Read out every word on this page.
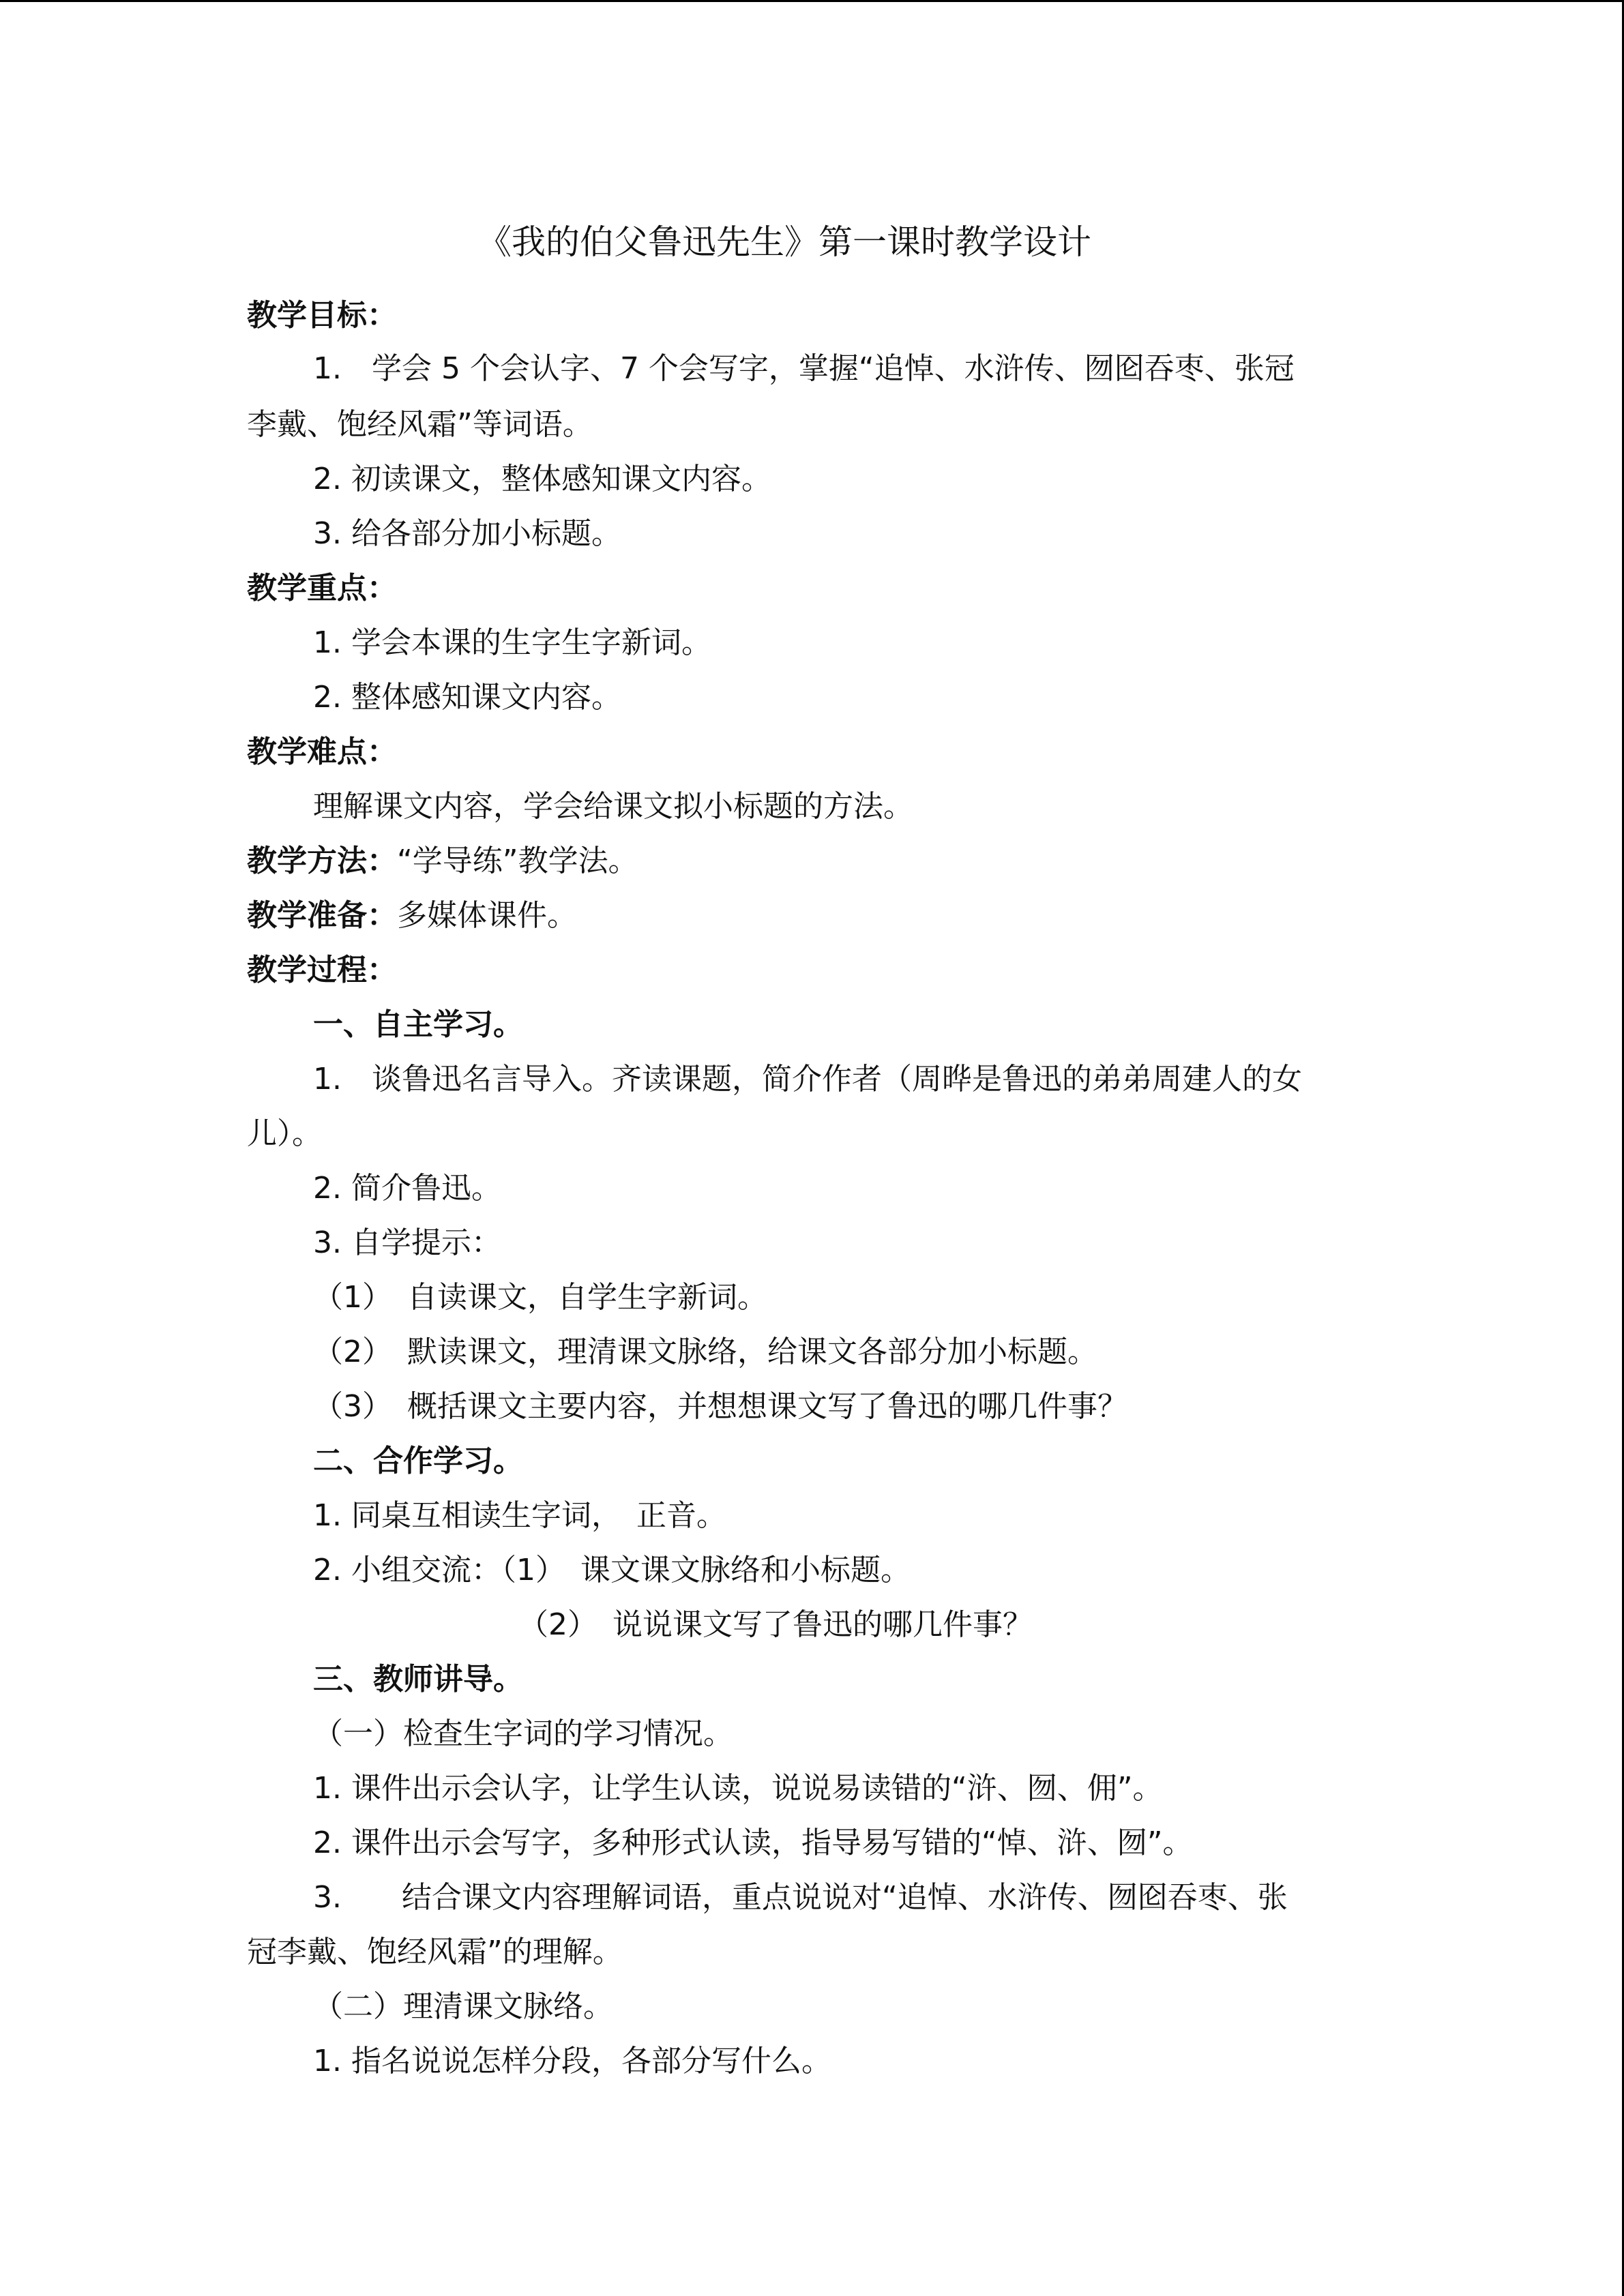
《我的伯父鲁迅先生》第一课时教学设计
教学目标：
1.　学会 5 个会认字、7 个会写字，掌握“追悼、水浒传、囫囵吞枣、张冠
李戴、饱经风霜”等词语。
2. 初读课文，整体感知课文内容。
3. 给各部分加小标题。
教学重点：
1. 学会本课的生字生字新词。
2. 整体感知课文内容。
教学难点：
理解课文内容，学会给课文拟小标题的方法。
教学方法：“学导练”教学法。
教学准备：多媒体课件。
教学过程：
一、自主学习。
1.　谈鲁迅名言导入。齐读课题，简介作者（周晔是鲁迅的弟弟周建人的女
儿）。
2. 简介鲁迅。
3. 自学提示：
（1）　自读课文，自学生字新词。
（2）　默读课文，理清课文脉络，给课文各部分加小标题。
（3）　概括课文主要内容，并想想课文写了鲁迅的哪几件事？
二、合作学习。
1. 同桌互相读生字词，　正音。
2. 小组交流：（1）　课文课文脉络和小标题。
（2）　说说课文写了鲁迅的哪几件事？
三、教师讲导。
（一）检查生字词的学习情况。
1. 课件出示会认字，让学生认读，说说易读错的“浒、囫、佣”。
2. 课件出示会写字，多种形式认读，指导易写错的“悼、浒、囫”。
3.　　结合课文内容理解词语，重点说说对“追悼、水浒传、囫囵吞枣、张
冠李戴、饱经风霜”的理解。
（二）理清课文脉络。
1. 指名说说怎样分段，各部分写什么。
